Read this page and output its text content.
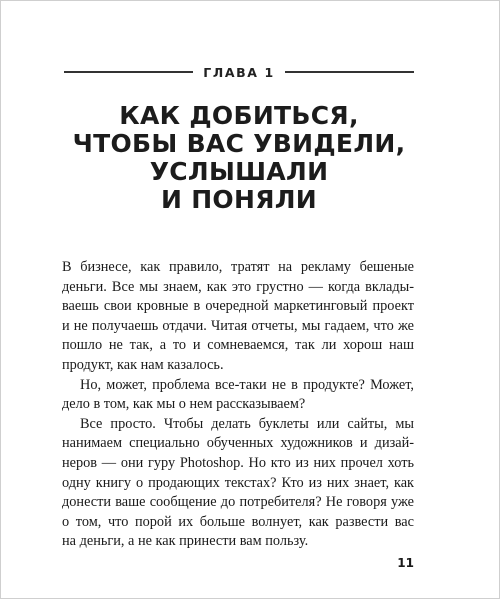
ГЛАВА 1
КАК ДОБИТЬСЯ,
ЧТОБЫ ВАС УВИДЕЛИ,
УСЛЫШАЛИ
И ПОНЯЛИ
В бизнесе, как правило, тратят на рекламу бешеные
деньги. Все мы знаем, как это грустно — когда вклады-
ваешь свои кровные в очередной маркетинговый проект
и не получаешь отдачи. Читая отчеты, мы гадаем, что же
пошло не так, а то и сомневаемся, так ли хорош наш
продукт, как нам казалось.
Но, может, проблема все-таки не в продукте? Может,
дело в том, как мы о нем рассказываем?
Все просто. Чтобы делать буклеты или сайты, мы
нанимаем специально обученных художников и дизай-
неров — они гуру Photoshop. Но кто из них прочел хоть
одну книгу о продающих текстах? Кто из них знает, как
донести ваше сообщение до потребителя? Не говоря уже
о том, что порой их больше волнует, как развести вас
на деньги, а не как принести вам пользу.
11
